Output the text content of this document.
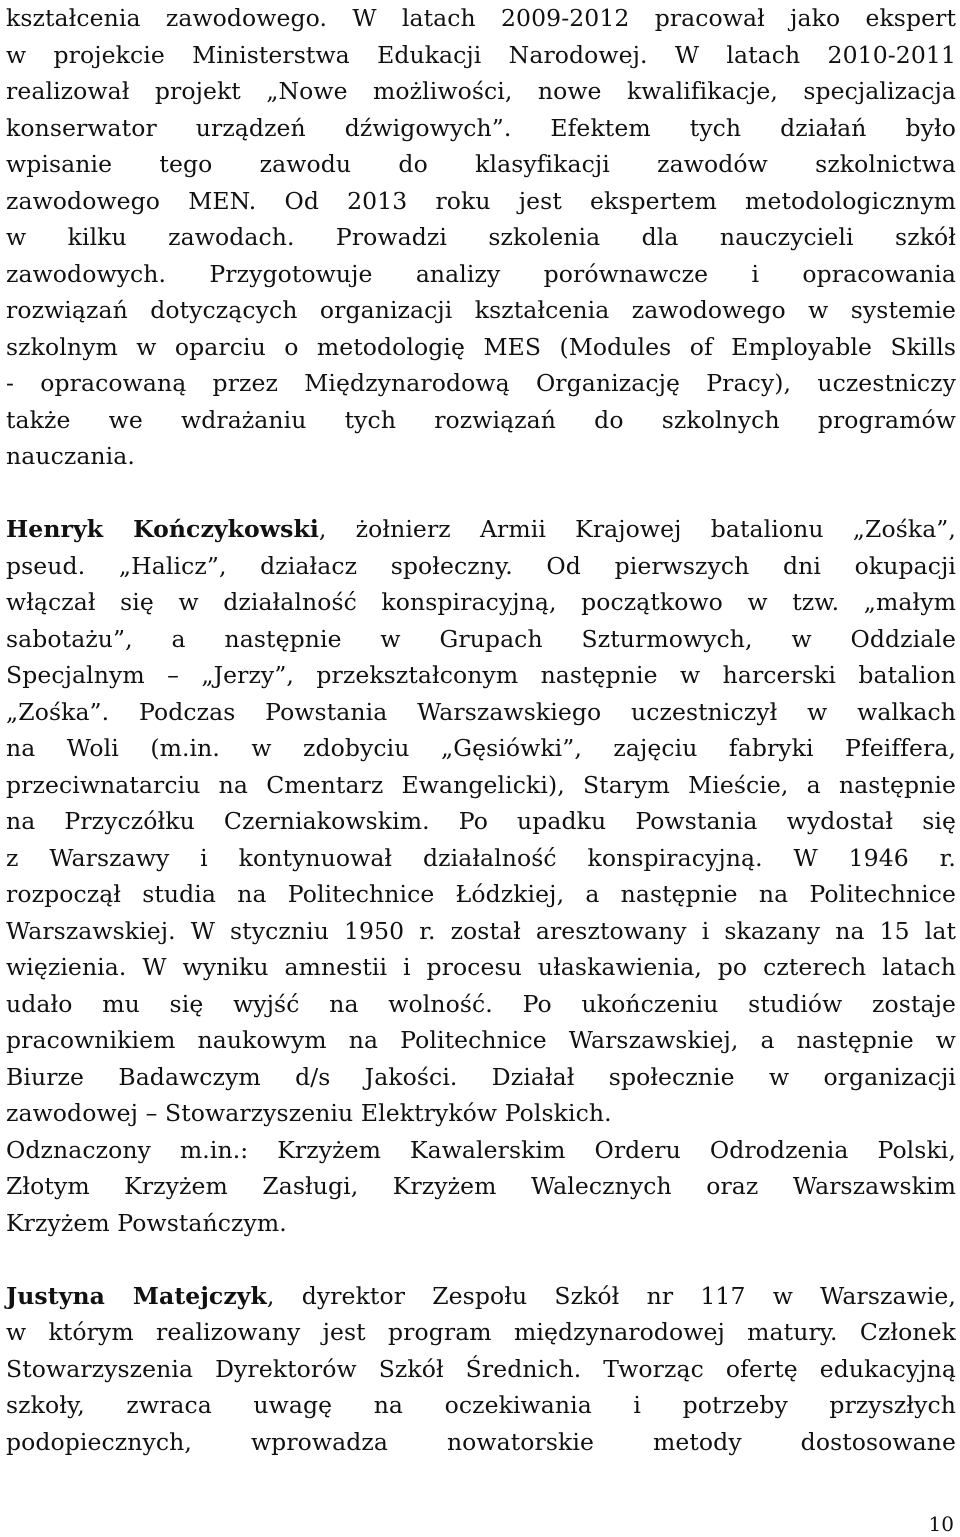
kształcenia zawodowego. W latach 2009-2012 pracował jako ekspert
w projekcie Ministerstwa Edukacji Narodowej. W latach 2010-2011
realizował projekt „Nowe możliwości, nowe kwalifikacje, specjalizacja
konserwator urządzeń dźwigowych”. Efektem tych działań było
wpisanie tego zawodu do klasyfikacji zawodów szkolnictwa
zawodowego MEN. Od 2013 roku jest ekspertem metodologicznym
w kilku zawodach. Prowadzi szkolenia dla nauczycieli szkół
zawodowych. Przygotowuje analizy porównawcze i opracowania
rozwiązań dotyczących organizacji kształcenia zawodowego w systemie
szkolnym w oparciu o metodologię MES (Modules of Employable Skills
- opracowaną przez Międzynarodową Organizację Pracy), uczestniczy
także we wdrażaniu tych rozwiązań do szkolnych programów
nauczania.
Henryk Kończykowski, żołnierz Armii Krajowej batalionu „Zośka”,
pseud. „Halicz”, działacz społeczny. Od pierwszych dni okupacji
włączał się w działalność konspiracyjną, początkowo w tzw. „małym
sabotażu”, a następnie w Grupach Szturmowych, w Oddziale
Specjalnym – „Jerzy”, przekształconym następnie w harcerski batalion
„Zośka”. Podczas Powstania Warszawskiego uczestniczył w walkach
na Woli (m.in. w zdobyciu „Gęsiówki”, zajęciu fabryki Pfeiffera,
przeciwnatarciu na Cmentarz Ewangelicki), Starym Mieście, a następnie
na Przyczółku Czerniakowskim. Po upadku Powstania wydostał się
z Warszawy i kontynuował działalność konspiracyjną. W 1946 r.
rozpoczął studia na Politechnice Łódzkiej, a następnie na Politechnice
Warszawskiej. W styczniu 1950 r. został aresztowany i skazany na 15 lat
więzienia. W wyniku amnestii i procesu ułaskawienia, po czterech latach
udało mu się wyjść na wolność. Po ukończeniu studiów zostaje
pracownikiem naukowym na Politechnice Warszawskiej, a następnie w
Biurze Badawczym d/s Jakości. Działał społecznie w organizacji
zawodowej – Stowarzyszeniu Elektryków Polskich.
Odznaczony m.in.: Krzyżem Kawalerskim Orderu Odrodzenia Polski,
Złotym Krzyżem Zasługi, Krzyżem Walecznych oraz Warszawskim
Krzyżem Powstańczym.
Justyna Matejczyk, dyrektor Zespołu Szkół nr 117 w Warszawie,
w którym realizowany jest program międzynarodowej matury. Członek
Stowarzyszenia Dyrektorów Szkół Średnich. Tworząc ofertę edukacyjną
szkoły, zwraca uwagę na oczekiwania i potrzeby przyszłych
podopiecznych, wprowadza nowatorskie metody dostosowane
10
